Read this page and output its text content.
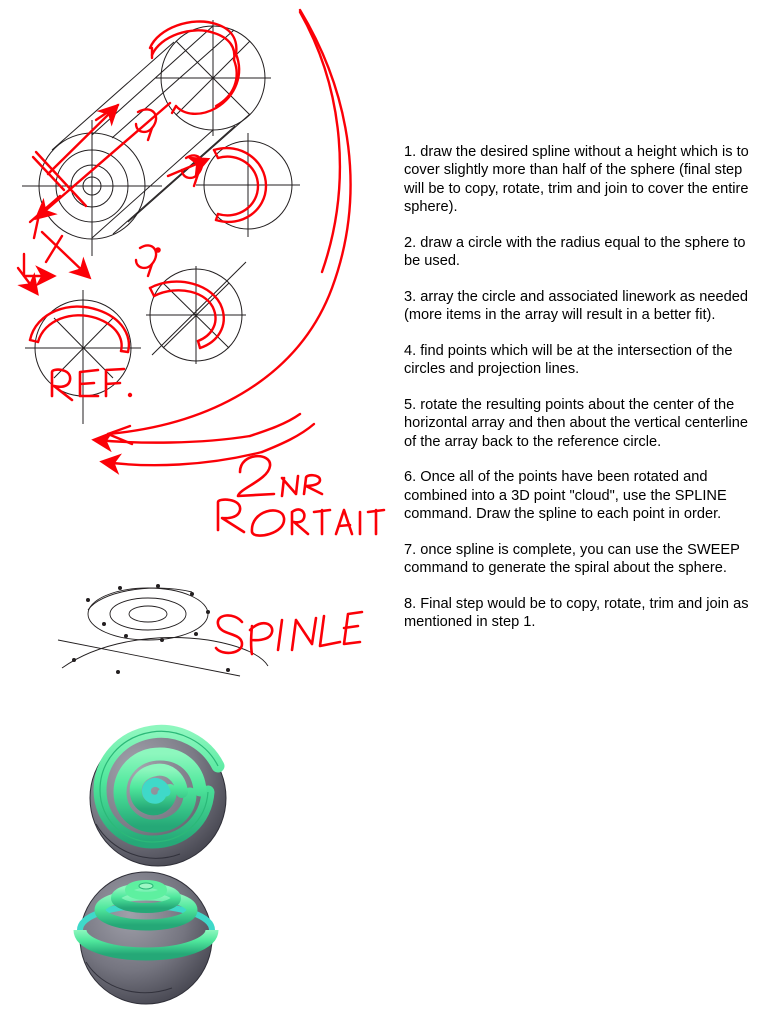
1. draw the desired spline without a height which is to cover slightly more than half of the sphere (final step will be to copy, rotate, trim and join to cover the entire sphere).

2. draw a circle with the radius equal to the sphere to be used.

3. array the circle and associated linework as needed (more items in the array will result in a better fit).

4. find points which will be at the intersection of the circles and projection lines.

5. rotate the resulting points about the center of the horizontal array and then about the vertical centerline of the array back to the reference circle.

6. Once all of the points have been rotated and combined into a 3D point "cloud", use the SPLINE command. Draw the spline to each point in order.

7. once spline is complete, you can use the SWEEP command to generate the spiral about the sphere.

8. Final step would be to copy, rotate, trim and join as mentioned in step 1.
